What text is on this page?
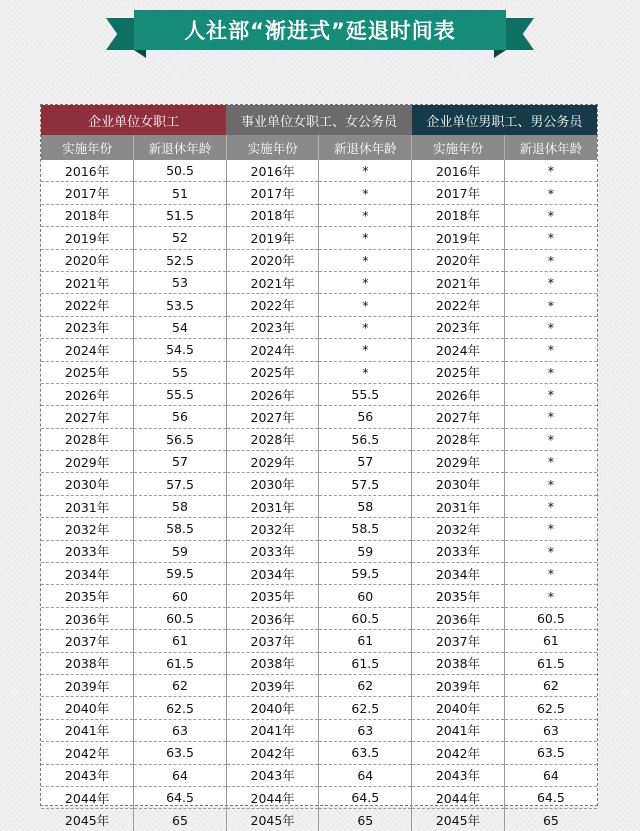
人社部“渐进式”延退时间表
企业单位女职工		事业单位女职工、女公务员		企业单位男职工、男公务员	
实施年份	新退休年龄	实施年份	新退休年龄	实施年份	新退休年龄
2016年	50.5	2016年	*	2016年	*
2017年	51	2017年	*	2017年	*
2018年	51.5	2018年	*	2018年	*
2019年	52	2019年	*	2019年	*
2020年	52.5	2020年	*	2020年	*
2021年	53	2021年	*	2021年	*
2022年	53.5	2022年	*	2022年	*
2023年	54	2023年	*	2023年	*
2024年	54.5	2024年	*	2024年	*
2025年	55	2025年	*	2025年	*
2026年	55.5	2026年	55.5	2026年	*
2027年	56	2027年	56	2027年	*
2028年	56.5	2028年	56.5	2028年	*
2029年	57	2029年	57	2029年	*
2030年	57.5	2030年	57.5	2030年	*
2031年	58	2031年	58	2031年	*
2032年	58.5	2032年	58.5	2032年	*
2033年	59	2033年	59	2033年	*
2034年	59.5	2034年	59.5	2034年	*
2035年	60	2035年	60	2035年	*
2036年	60.5	2036年	60.5	2036年	60.5
2037年	61	2037年	61	2037年	61
2038年	61.5	2038年	61.5	2038年	61.5
2039年	62	2039年	62	2039年	62
2040年	62.5	2040年	62.5	2040年	62.5
2041年	63	2041年	63	2041年	63
2042年	63.5	2042年	63.5	2042年	63.5
2043年	64	2043年	64	2043年	64
2044年	64.5	2044年	64.5	2044年	64.5
2045年	65	2045年	65	2045年	65
